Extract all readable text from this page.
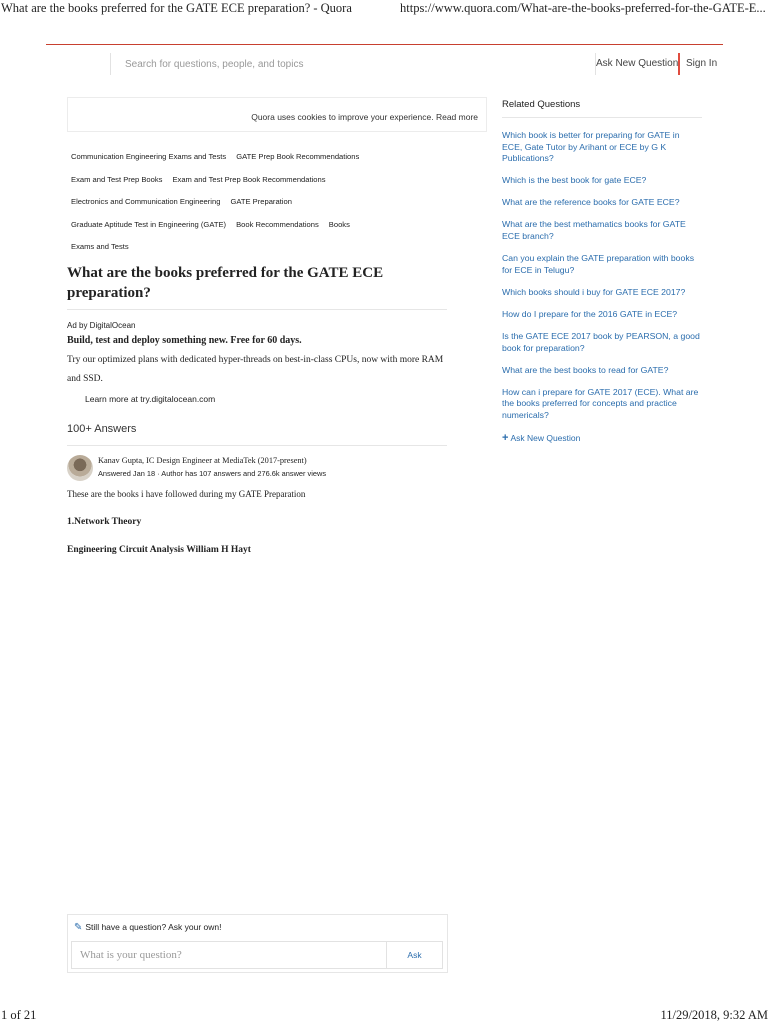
What are the books preferred for the GATE ECE preparation? - Quora	https://www.quora.com/What-are-the-books-preferred-for-the-GATE-E...
Search for questions, people, and topics
Ask New Question Sign In
Quora uses cookies to improve your experience. Read more
Communication Engineering Exams and Tests GATE Prep Book Recommendations
Exam and Test Prep Books Exam and Test Prep Book Recommendations
Electronics and Communication Engineering GATE Preparation
Graduate Aptitude Test in Engineering (GATE) Book Recommendations Books
Exams and Tests
What are the books preferred for the GATE ECE preparation?
Ad by DigitalOcean
Build, test and deploy something new. Free for 60 days.
Try our optimized plans with dedicated hyper-threads on best-in-class CPUs, now with more RAM and SSD.
Learn more at try.digitalocean.com
100+ Answers
Kanav Gupta, IC Design Engineer at MediaTek (2017-present)
Answered Jan 18 · Author has 107 answers and 276.6k answer views
These are the books i have followed during my GATE Preparation
1.Network Theory
Engineering Circuit Analysis William H Hayt
Related Questions
Which book is better for preparing for GATE in ECE, Gate Tutor by Arihant or ECE by G K Publications?
Which is the best book for gate ECE?
What are the reference books for GATE ECE?
What are the best methamatics books for GATE ECE branch?
Can you explain the GATE preparation with books for ECE in Telugu?
Which books should i buy for GATE ECE 2017?
How do I prepare for the 2016 GATE in ECE?
Is the GATE ECE 2017 book by PEARSON, a good book for preparation?
What are the best books to read for GATE?
How can i prepare for GATE 2017 (ECE). What are the books preferred for concepts and practice numericals?
+ Ask New Question
✎ Still have a question? Ask your own!
What is your question?
Ask
1 of 21	11/29/2018, 9:32 AM
